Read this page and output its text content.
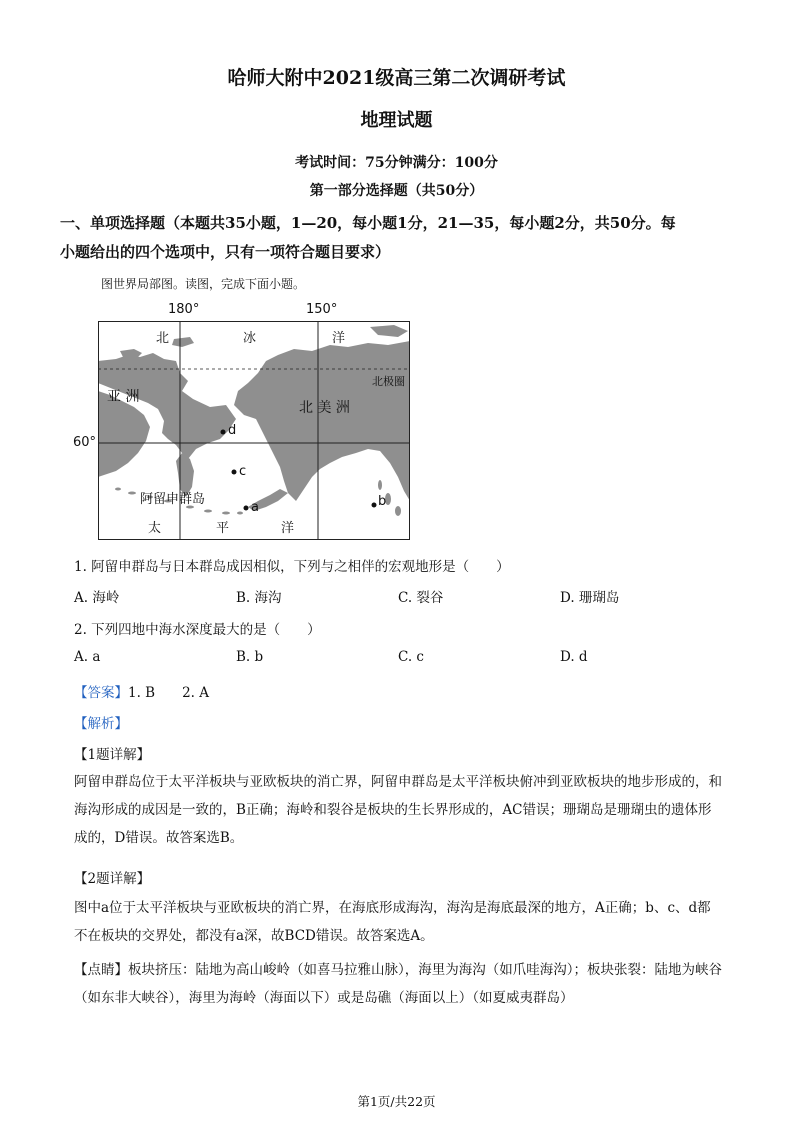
哈师大附中2021级高三第二次调研考试
地理试题
考试时间：75分钟满分：100分
第一部分选择题（共50分）
一、单项选择题（本题共35小题，1—20，每小题1分，21—35，每小题2分，共50分。每
小题给出的四个选项中，只有一项符合题目要求）
图世界局部图。读图，完成下面小题。
180°	150°
60°
北	冰	洋
北极圈
亚 洲
北 美 洲
d
c
阿留申群岛
a	b
太	平	洋
1. 阿留申群岛与日本群岛成因相似，下列与之相伴的宏观地形是（　　）
A. 海岭	B. 海沟	C. 裂谷	D. 珊瑚岛
2. 下列四地中海水深度最大的是（　　）
A. a	B. b	C. c	D. d
【答案】1. B　　2. A
【解析】
【1题详解】
阿留申群岛位于太平洋板块与亚欧板块的消亡界，阿留申群岛是太平洋板块俯冲到亚欧板块的地步形成的，和海沟形成的成因是一致的，B正确；海岭和裂谷是板块的生长界形成的，AC错误；珊瑚岛是珊瑚虫的遗体形成的，D错误。故答案选B。
【2题详解】
图中a位于太平洋板块与亚欧板块的消亡界，在海底形成海沟，海沟是海底最深的地方，A正确；b、c、d都不在板块的交界处，都没有a深，故BCD错误。故答案选A。
【点睛】板块挤压：陆地为高山峻岭（如喜马拉雅山脉），海里为海沟（如爪哇海沟）；板块张裂：陆地为峡谷（如东非大峡谷），海里为海岭（海面以下）或是岛礁（海面以上）（如夏威夷群岛）
第1页/共22页
